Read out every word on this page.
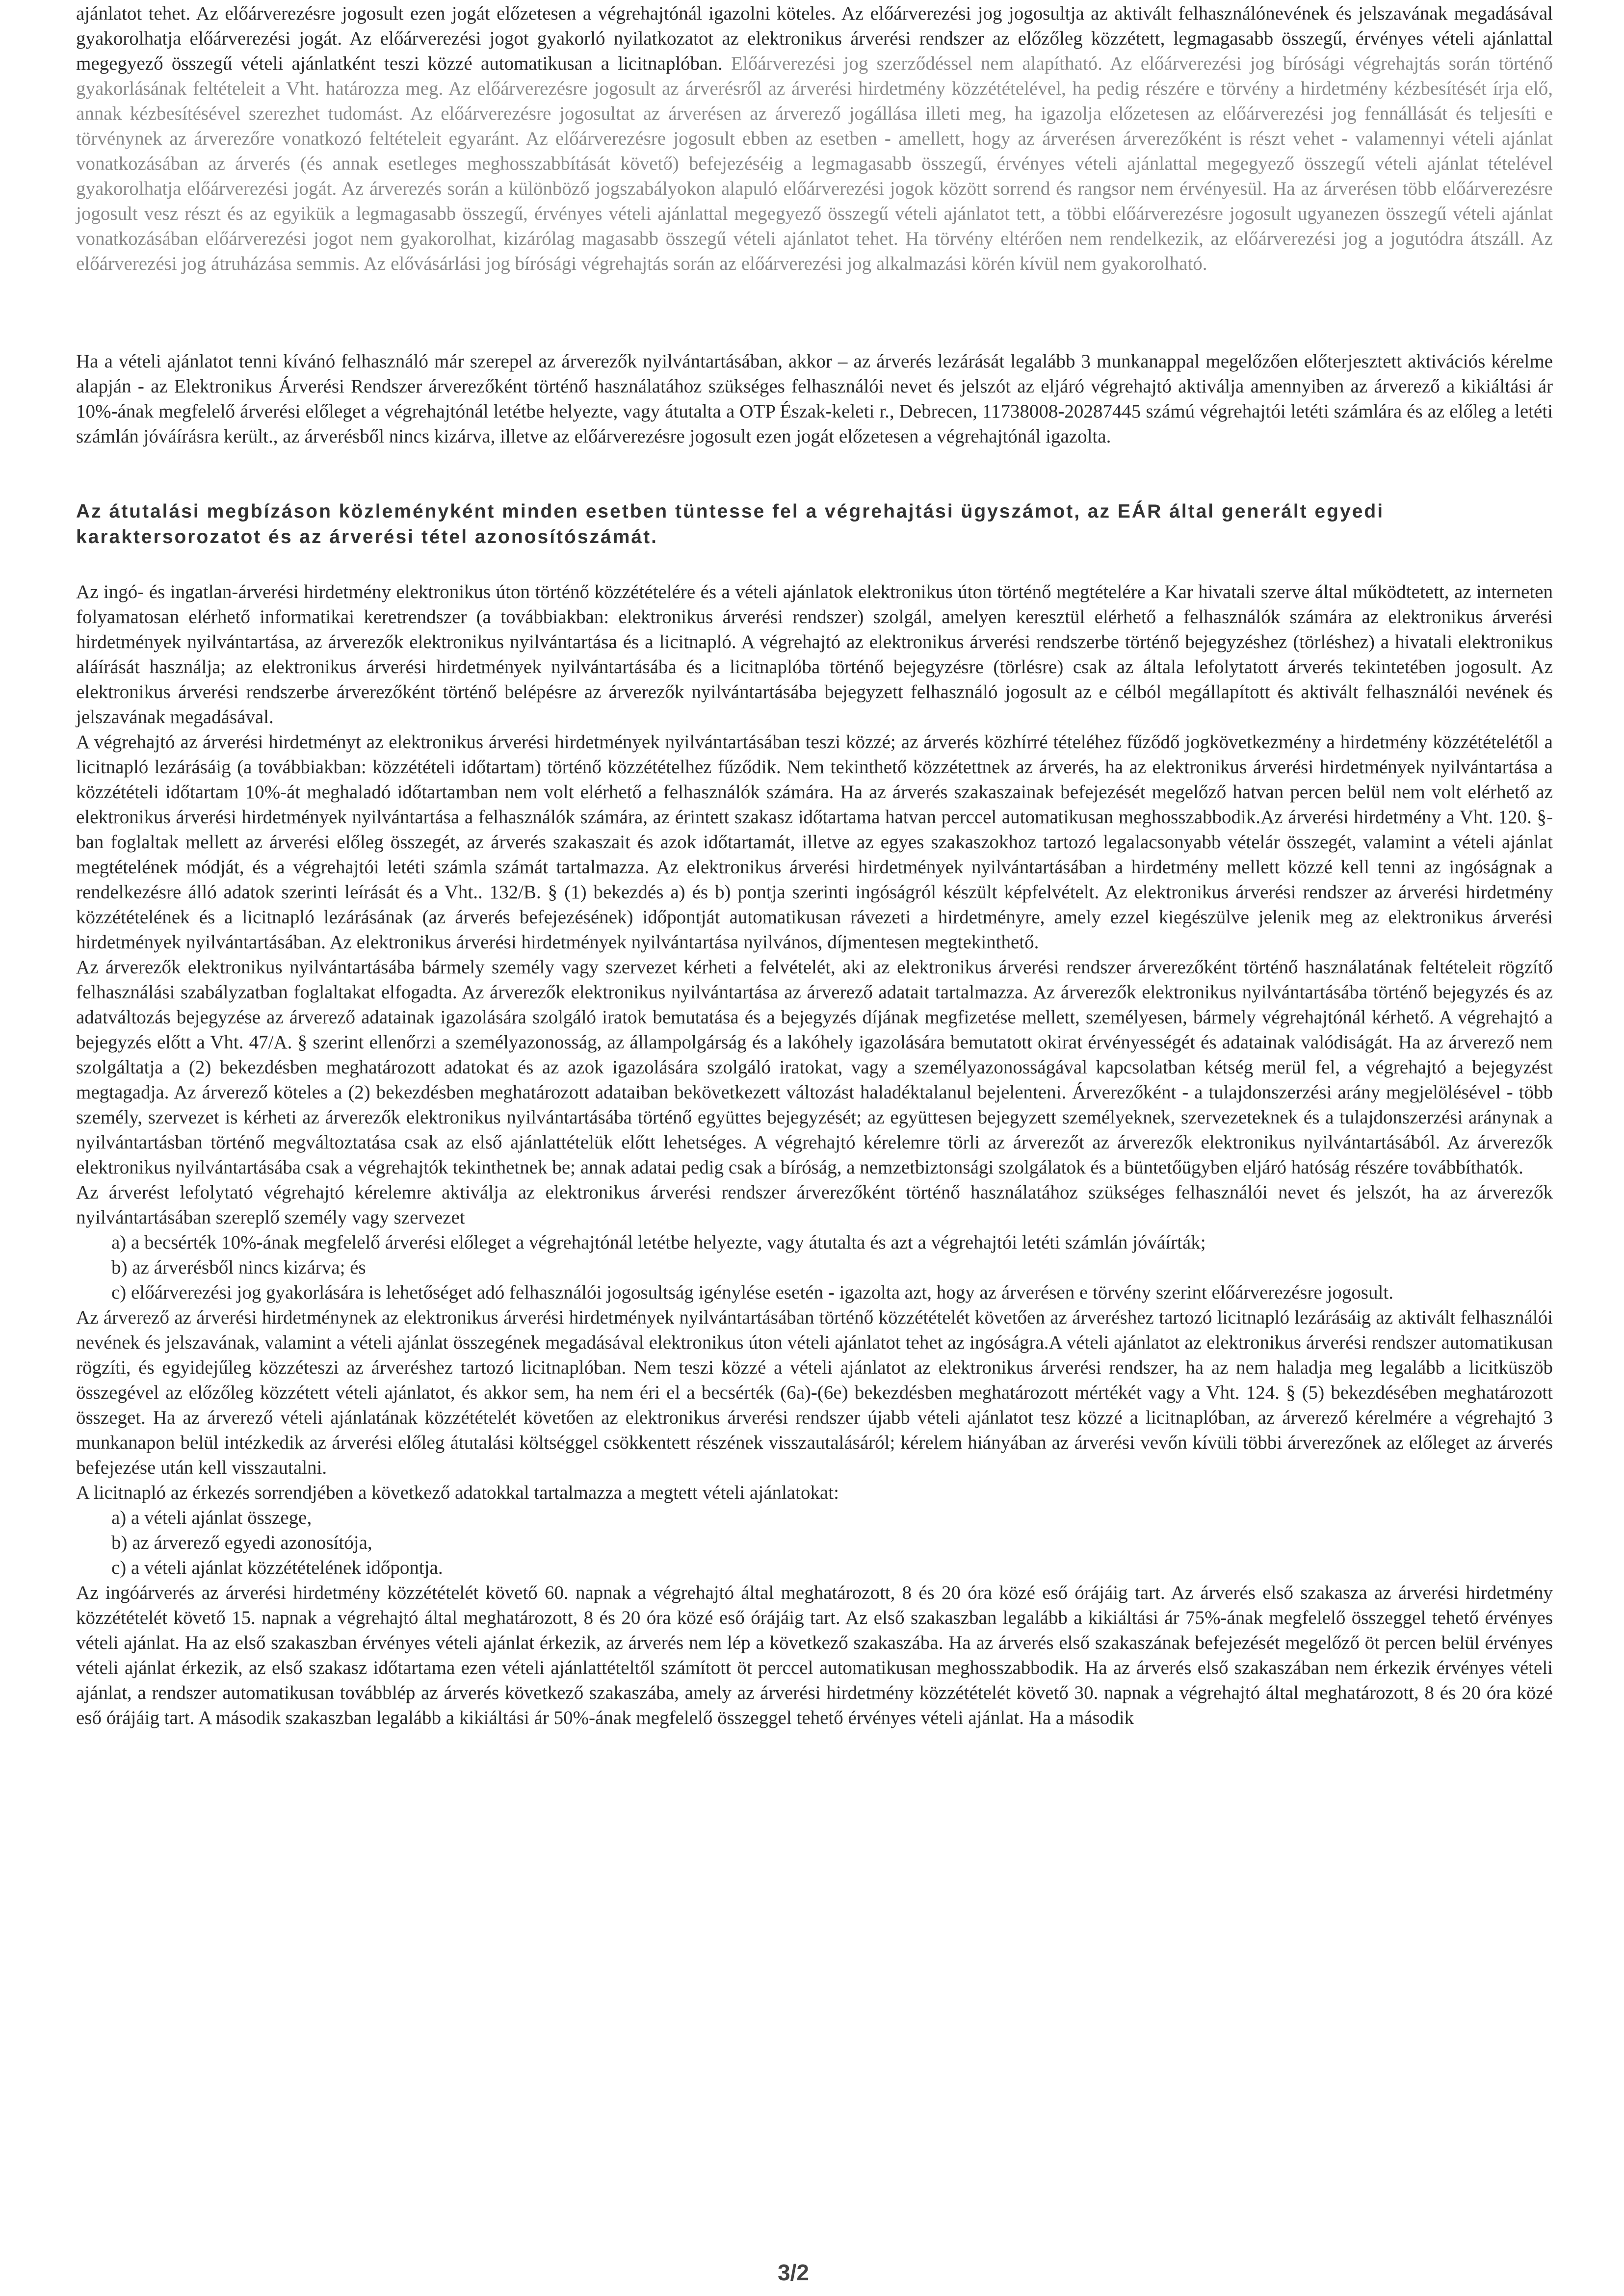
ajánlatot tehet. Az előárverezésre jogosult ezen jogát előzetesen a végrehajtónál igazolni köteles. Az előárverezési jog jogosultja az aktivált felhasználónevének és jelszavának megadásával gyakorolhatja előárverezési jogát. Az előárverezési jogot gyakorló nyilatkozatot az elektronikus árverési rendszer az előzőleg közzétett, legmagasabb összegű, érvényes vételi ajánlattal megegyező összegű vételi ajánlatként teszi közzé automatikusan a licitnaplóban. Előárverezési jog szerződéssel nem alapítható. Az előárverezési jog bírósági végrehajtás során történő gyakorlásának feltételeit a Vht. határozza meg. Az előárverezésre jogosult az árverésről az árverési hirdetmény közzétételével, ha pedig részére e törvény a hirdetmény kézbesítését írja elő, annak kézbesítésével szerezhet tudomást. Az előárverezésre jogosultat az árverésen az árverező jogállása illeti meg, ha igazolja előzetesen az előárverezési jog fennállását és teljesíti e törvénynek az árverezőre vonatkozó feltételeit egyaránt. Az előárverezésre jogosult ebben az esetben - amellett, hogy az árverésen árverezőként is részt vehet - valamennyi vételi ajánlat vonatkozásában az árverés (és annak esetleges meghosszabbítását követő) befejezéséig a legmagasabb összegű, érvényes vételi ajánlattal megegyező összegű vételi ajánlat tételével gyakorolhatja előárverezési jogát. Az árverezés során a különböző jogszabályokon alapuló előárverezési jogok között sorrend és rangsor nem érvényesül. Ha az árverésen több előárverezésre jogosult vesz részt és az egyikük a legmagasabb összegű, érvényes vételi ajánlattal megegyező összegű vételi ajánlatot tett, a többi előárverezésre jogosult ugyanezen összegű vételi ajánlat vonatkozásában előárverezési jogot nem gyakorolhat, kizárólag magasabb összegű vételi ajánlatot tehet. Ha törvény eltérően nem rendelkezik, az előárverezési jog a jogutódra átszáll. Az előárverezési jog átruházása semmis. Az elővásárlási jog bírósági végrehajtás során az előárverezési jog alkalmazási körén kívül nem gyakorolható.

Ha a vételi ajánlatot tenni kívánó felhasználó már szerepel az árverezők nyilvántartásában, akkor – az árverés lezárását legalább 3 munkanappal megelőzően előterjesztett aktivációs kérelme alapján - az Elektronikus Árverési Rendszer árverezőként történő használatához szükséges felhasználói nevet és jelszót az eljáró végrehajtó aktiválja amennyiben az árverező a kikiáltási ár 10%-ának megfelelő árverési előleget a végrehajtónál letétbe helyezte, vagy átutalta a OTP Észak-keleti r., Debrecen, 11738008-20287445 számú végrehajtói letéti számlára és az előleg a letéti számlán jóváírásra került., az árverésből nincs kizárva, illetve az előárverezésre jogosult ezen jogát előzetesen a végrehajtónál igazolta.

Az átutalási megbízáson közleményként minden esetben tüntesse fel a végrehajtási ügyszámot, az EÁR által generált egyedi karaktersorozatot és az árverési tétel azonosítószámát.

Az ingó- és ingatlan-árverési hirdetmény elektronikus úton történő közzétételére és a vételi ajánlatok elektronikus úton történő megtételére a Kar hivatali szerve által működtetett, az interneten folyamatosan elérhető informatikai keretrendszer (a továbbiakban: elektronikus árverési rendszer) szolgál, amelyen keresztül elérhető a felhasználók számára az elektronikus árverési hirdetmények nyilvántartása, az árverezők elektronikus nyilvántartása és a licitnapló. A végrehajtó az elektronikus árverési rendszerbe történő bejegyzéshez (törléshez) a hivatali elektronikus aláírását használja; az elektronikus árverési hirdetmények nyilvántartásába és a licitnaplóba történő bejegyzésre (törlésre) csak az általa lefolytatott árverés tekintetében jogosult. Az elektronikus árverési rendszerbe árverezőként történő belépésre az árverezők nyilvántartásába bejegyzett felhasználó jogosult az e célból megállapított és aktivált felhasználói nevének és jelszavának megadásával.

A végrehajtó az árverési hirdetményt az elektronikus árverési hirdetmények nyilvántartásában teszi közzé; az árverés közhírré tételéhez fűződő jogkövetkezmény a hirdetmény közzétételétől a licitnapló lezárásáig (a továbbiakban: közzétételi időtartam) történő közzétételhez fűződik. Nem tekinthető közzétettnek az árverés, ha az elektronikus árverési hirdetmények nyilvántartása a közzétételi időtartam 10%-át meghaladó időtartamban nem volt elérhető a felhasználók számára. Ha az árverés szakaszainak befejezését megelőző hatvan percen belül nem volt elérhető az elektronikus árverési hirdetmények nyilvántartása a felhasználók számára, az érintett szakasz időtartama hatvan perccel automatikusan meghosszabbodik.Az árverési hirdetmény a Vht. 120. §-ban foglaltak mellett az árverési előleg összegét, az árverés szakaszait és azok időtartamát, illetve az egyes szakaszokhoz tartozó legalacsonyabb vételár összegét, valamint a vételi ajánlat megtételének módját, és a végrehajtói letéti számla számát tartalmazza. Az elektronikus árverési hirdetmények nyilvántartásában a hirdetmény mellett közzé kell tenni az ingóságnak a rendelkezésre álló adatok szerinti leírását és a Vht.. 132/B. § (1) bekezdés a) és b) pontja szerinti ingóságról készült képfelvételt. Az elektronikus árverési rendszer az árverési hirdetmény közzétételének és a licitnapló lezárásának (az árverés befejezésének) időpontját automatikusan rávezeti a hirdetményre, amely ezzel kiegészülve jelenik meg az elektronikus árverési hirdetmények nyilvántartásában. Az elektronikus árverési hirdetmények nyilvántartása nyilvános, díjmentesen megtekinthető.

Az árverezők elektronikus nyilvántartásába bármely személy vagy szervezet kérheti a felvételét, aki az elektronikus árverési rendszer árverezőként történő használatának feltételeit rögzítő felhasználási szabályzatban foglaltakat elfogadta. Az árverezők elektronikus nyilvántartása az árverező adatait tartalmazza. Az árverezők elektronikus nyilvántartásába történő bejegyzés és az adatváltozás bejegyzése az árverező adatainak igazolására szolgáló iratok bemutatása és a bejegyzés díjának megfizetése mellett, személyesen, bármely végrehajtónál kérhető. A végrehajtó a bejegyzés előtt a Vht. 47/A. § szerint ellenőrzi a személyazonosság, az állampolgárság és a lakóhely igazolására bemutatott okirat érvényességét és adatainak valódiságát. Ha az árverező nem szolgáltatja a (2) bekezdésben meghatározott adatokat és az azok igazolására szolgáló iratokat, vagy a személyazonosságával kapcsolatban kétség merül fel, a végrehajtó a bejegyzést megtagadja. Az árverező köteles a (2) bekezdésben meghatározott adataiban bekövetkezett változást haladéktalanul bejelenteni. Árverezőként - a tulajdonszerzési arány megjelölésével - több személy, szervezet is kérheti az árverezők elektronikus nyilvántartásába történő együttes bejegyzését; az együttesen bejegyzett személyeknek, szervezeteknek és a tulajdonszerzési aránynak a nyilvántartásban történő megváltoztatása csak az első ajánlattételük előtt lehetséges. A végrehajtó kérelemre törli az árverezőt az árverezők elektronikus nyilvántartásából. Az árverezők elektronikus nyilvántartásába csak a végrehajtók tekinthetnek be; annak adatai pedig csak a bíróság, a nemzetbiztonsági szolgálatok és a büntetőügyben eljáró hatóság részére továbbíthatók.

Az árverést lefolytató végrehajtó kérelemre aktiválja az elektronikus árverési rendszer árverezőként történő használatához szükséges felhasználói nevet és jelszót, ha az árverezők nyilvántartásában szereplő személy vagy szervezet

a) a becsérték 10%-ának megfelelő árverési előleget a végrehajtónál letétbe helyezte, vagy átutalta és azt a végrehajtói letéti számlán jóváírták;

b) az árverésből nincs kizárva; és

c) előárverezési jog gyakorlására is lehetőséget adó felhasználói jogosultság igénylése esetén - igazolta azt, hogy az árverésen e törvény szerint előárverezésre jogosult.

Az árverező az árverési hirdetménynek az elektronikus árverési hirdetmények nyilvántartásában történő közzétételét követően az árveréshez tartozó licitnapló lezárásáig az aktivált felhasználói nevének és jelszavának, valamint a vételi ajánlat összegének megadásával elektronikus úton vételi ajánlatot tehet az ingóságra.A vételi ajánlatot az elektronikus árverési rendszer automatikusan rögzíti, és egyidejűleg közzéteszi az árveréshez tartozó licitnaplóban. Nem teszi közzé a vételi ajánlatot az elektronikus árverési rendszer, ha az nem haladja meg legalább a licitküszöb összegével az előzőleg közzétett vételi ajánlatot, és akkor sem, ha nem éri el a becsérték (6a)-(6e) bekezdésben meghatározott mértékét vagy a Vht. 124. § (5) bekezdésében meghatározott összeget. Ha az árverező vételi ajánlatának közzétételét követően az elektronikus árverési rendszer újabb vételi ajánlatot tesz közzé a licitnaplóban, az árverező kérelmére a végrehajtó 3 munkanapon belül intézkedik az árverési előleg átutalási költséggel csökkentett részének visszautalásáról; kérelem hiányában az árverési vevőn kívüli többi árverezőnek az előleget az árverés befejezése után kell visszautalni.

A licitnapló az érkezés sorrendjében a következő adatokkal tartalmazza a megtett vételi ajánlatokat:

a) a vételi ajánlat összege,

b) az árverező egyedi azonosítója,

c) a vételi ajánlat közzétételének időpontja.

Az ingóárverés az árverési hirdetmény közzétételét követő 60. napnak a végrehajtó által meghatározott, 8 és 20 óra közé eső órájáig tart. Az árverés első szakasza az árverési hirdetmény közzétételét követő 15. napnak a végrehajtó által meghatározott, 8 és 20 óra közé eső órájáig tart. Az első szakaszban legalább a kikiáltási ár 75%-ának megfelelő összeggel tehető érvényes vételi ajánlat. Ha az első szakaszban érvényes vételi ajánlat érkezik, az árverés nem lép a következő szakaszába. Ha az árverés első szakaszának befejezését megelőző öt percen belül érvényes vételi ajánlat érkezik, az első szakasz időtartama ezen vételi ajánlattételtől számított öt perccel automatikusan meghosszabbodik. Ha az árverés első szakaszában nem érkezik érvényes vételi ajánlat, a rendszer automatikusan továbblép az árverés következő szakaszába, amely az árverési hirdetmény közzétételét követő 30. napnak a végrehajtó által meghatározott, 8 és 20 óra közé eső órájáig tart. A második szakaszban legalább a kikiáltási ár 50%-ának megfelelő összeggel tehető érvényes vételi ajánlat. Ha a második

3/2
